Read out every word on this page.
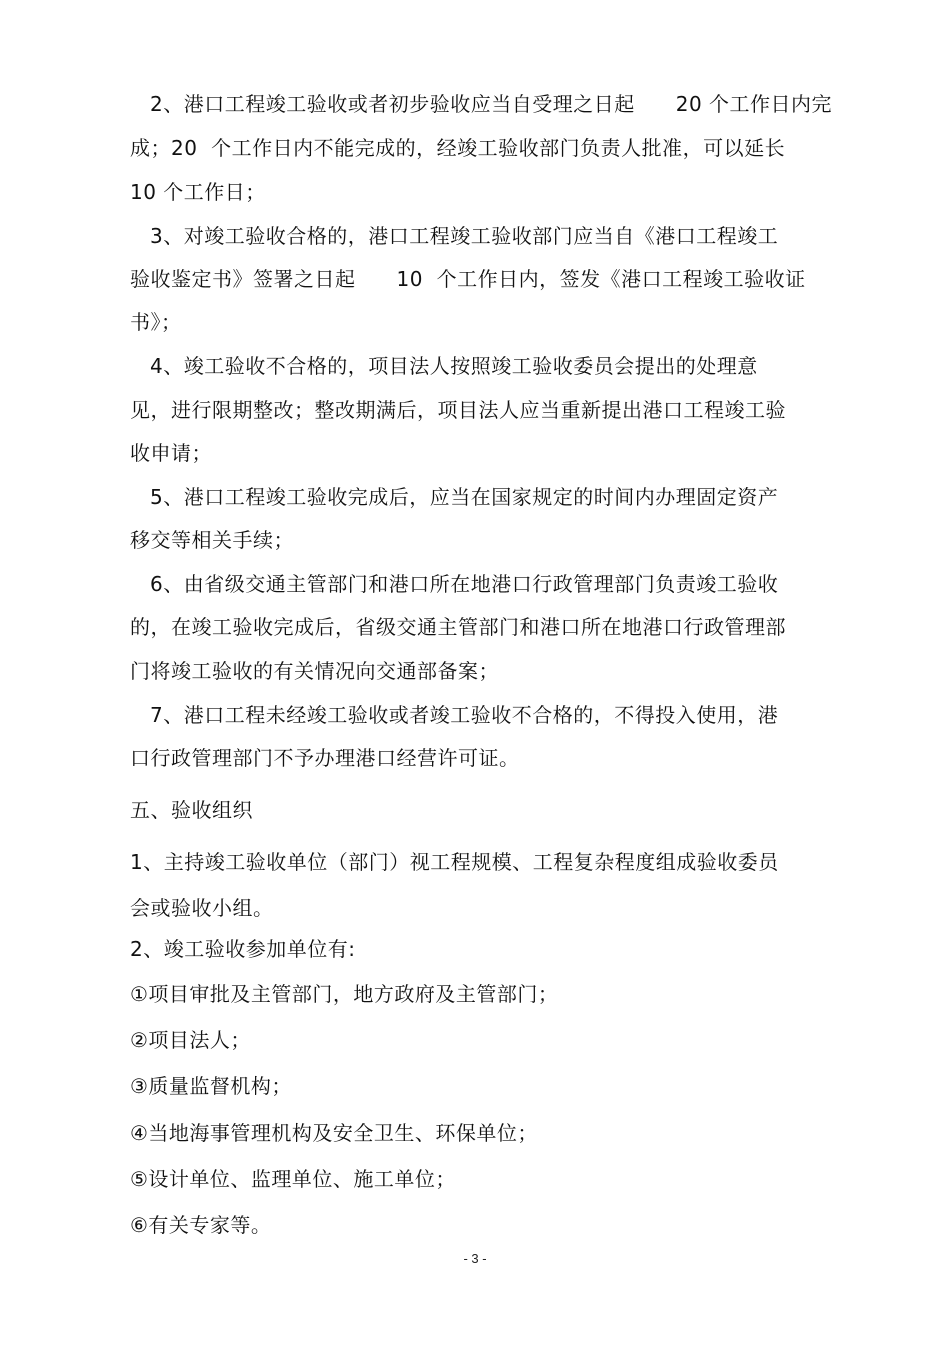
2、港口工程竣工验收或者初步验收应当自受理之日起　　20 个工作日内完
成；20  个工作日内不能完成的，经竣工验收部门负责人批准，可以延长
10 个工作日；
3、对竣工验收合格的，港口工程竣工验收部门应当自《港口工程竣工
验收鉴定书》签署之日起　　10  个工作日内，签发《港口工程竣工验收证
书》；
4、竣工验收不合格的，项目法人按照竣工验收委员会提出的处理意
见，进行限期整改；整改期满后，项目法人应当重新提出港口工程竣工验
收申请；
5、港口工程竣工验收完成后，应当在国家规定的时间内办理固定资产
移交等相关手续；
6、由省级交通主管部门和港口所在地港口行政管理部门负责竣工验收
的，在竣工验收完成后，省级交通主管部门和港口所在地港口行政管理部
门将竣工验收的有关情况向交通部备案；
7、港口工程未经竣工验收或者竣工验收不合格的，不得投入使用，港
口行政管理部门不予办理港口经营许可证。
五、验收组织
1、主持竣工验收单位（部门）视工程规模、工程复杂程度组成验收委员
会或验收小组。
2、竣工验收参加单位有:
①项目审批及主管部门，地方政府及主管部门；
②项目法人；
③质量监督机构；
④当地海事管理机构及安全卫生、环保单位；
⑤设计单位、监理单位、施工单位；
⑥有关专家等。
- 3 -
